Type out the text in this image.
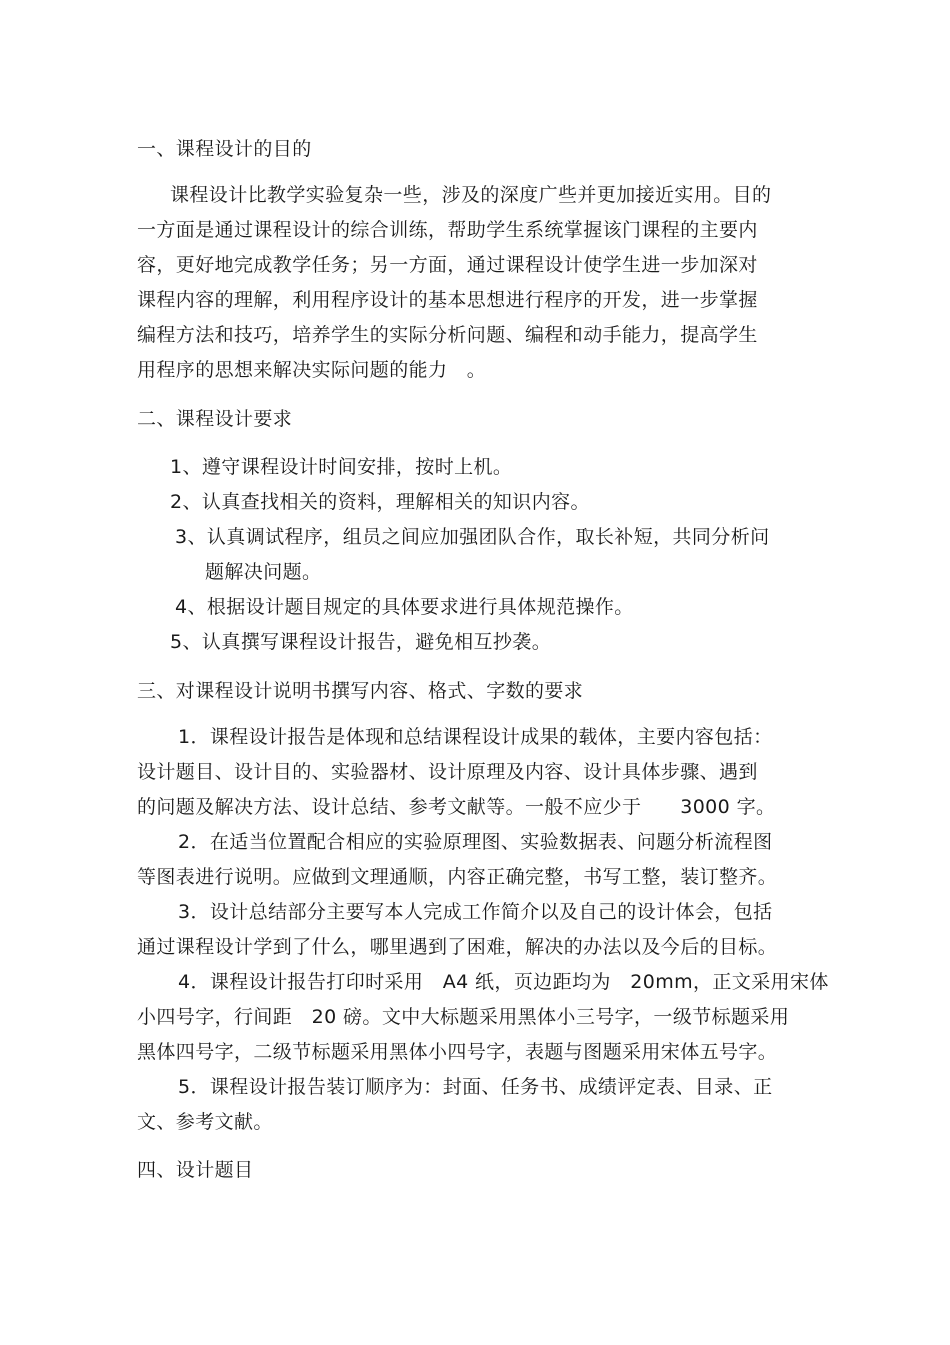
一、课程设计的目的
课程设计比教学实验复杂一些，涉及的深度广些并更加接近实用。目的
一方面是通过课程设计的综合训练，帮助学生系统掌握该门课程的主要内
容，更好地完成教学任务；另一方面，通过课程设计使学生进一步加深对
课程内容的理解，利用程序设计的基本思想进行程序的开发，进一步掌握
编程方法和技巧，培养学生的实际分析问题、编程和动手能力，提高学生
用程序的思想来解决实际问题的能力　。
二、课程设计要求
1、遵守课程设计时间安排，按时上机。
2、认真查找相关的资料，理解相关的知识内容。
3、认真调试程序，组员之间应加强团队合作，取长补短，共同分析问
题解决问题。
4、根据设计题目规定的具体要求进行具体规范操作。
5、认真撰写课程设计报告，避免相互抄袭。
三、对课程设计说明书撰写内容、格式、字数的要求
1．课程设计报告是体现和总结课程设计成果的载体，主要内容包括：
设计题目、设计目的、实验器材、设计原理及内容、设计具体步骤、遇到
的问题及解决方法、设计总结、参考文献等。一般不应少于　　3000 字。
2．在适当位置配合相应的实验原理图、实验数据表、问题分析流程图
等图表进行说明。应做到文理通顺，内容正确完整，书写工整，装订整齐。
3．设计总结部分主要写本人完成工作简介以及自己的设计体会，包括
通过课程设计学到了什么，哪里遇到了困难，解决的办法以及今后的目标。
4．课程设计报告打印时采用　A4 纸，页边距均为　20mm，正文采用宋体
小四号字，行间距　20 磅。文中大标题采用黑体小三号字，一级节标题采用
黑体四号字，二级节标题采用黑体小四号字，表题与图题采用宋体五号字。
5．课程设计报告装订顺序为：封面、任务书、成绩评定表、目录、正
文、参考文献。
四、设计题目
